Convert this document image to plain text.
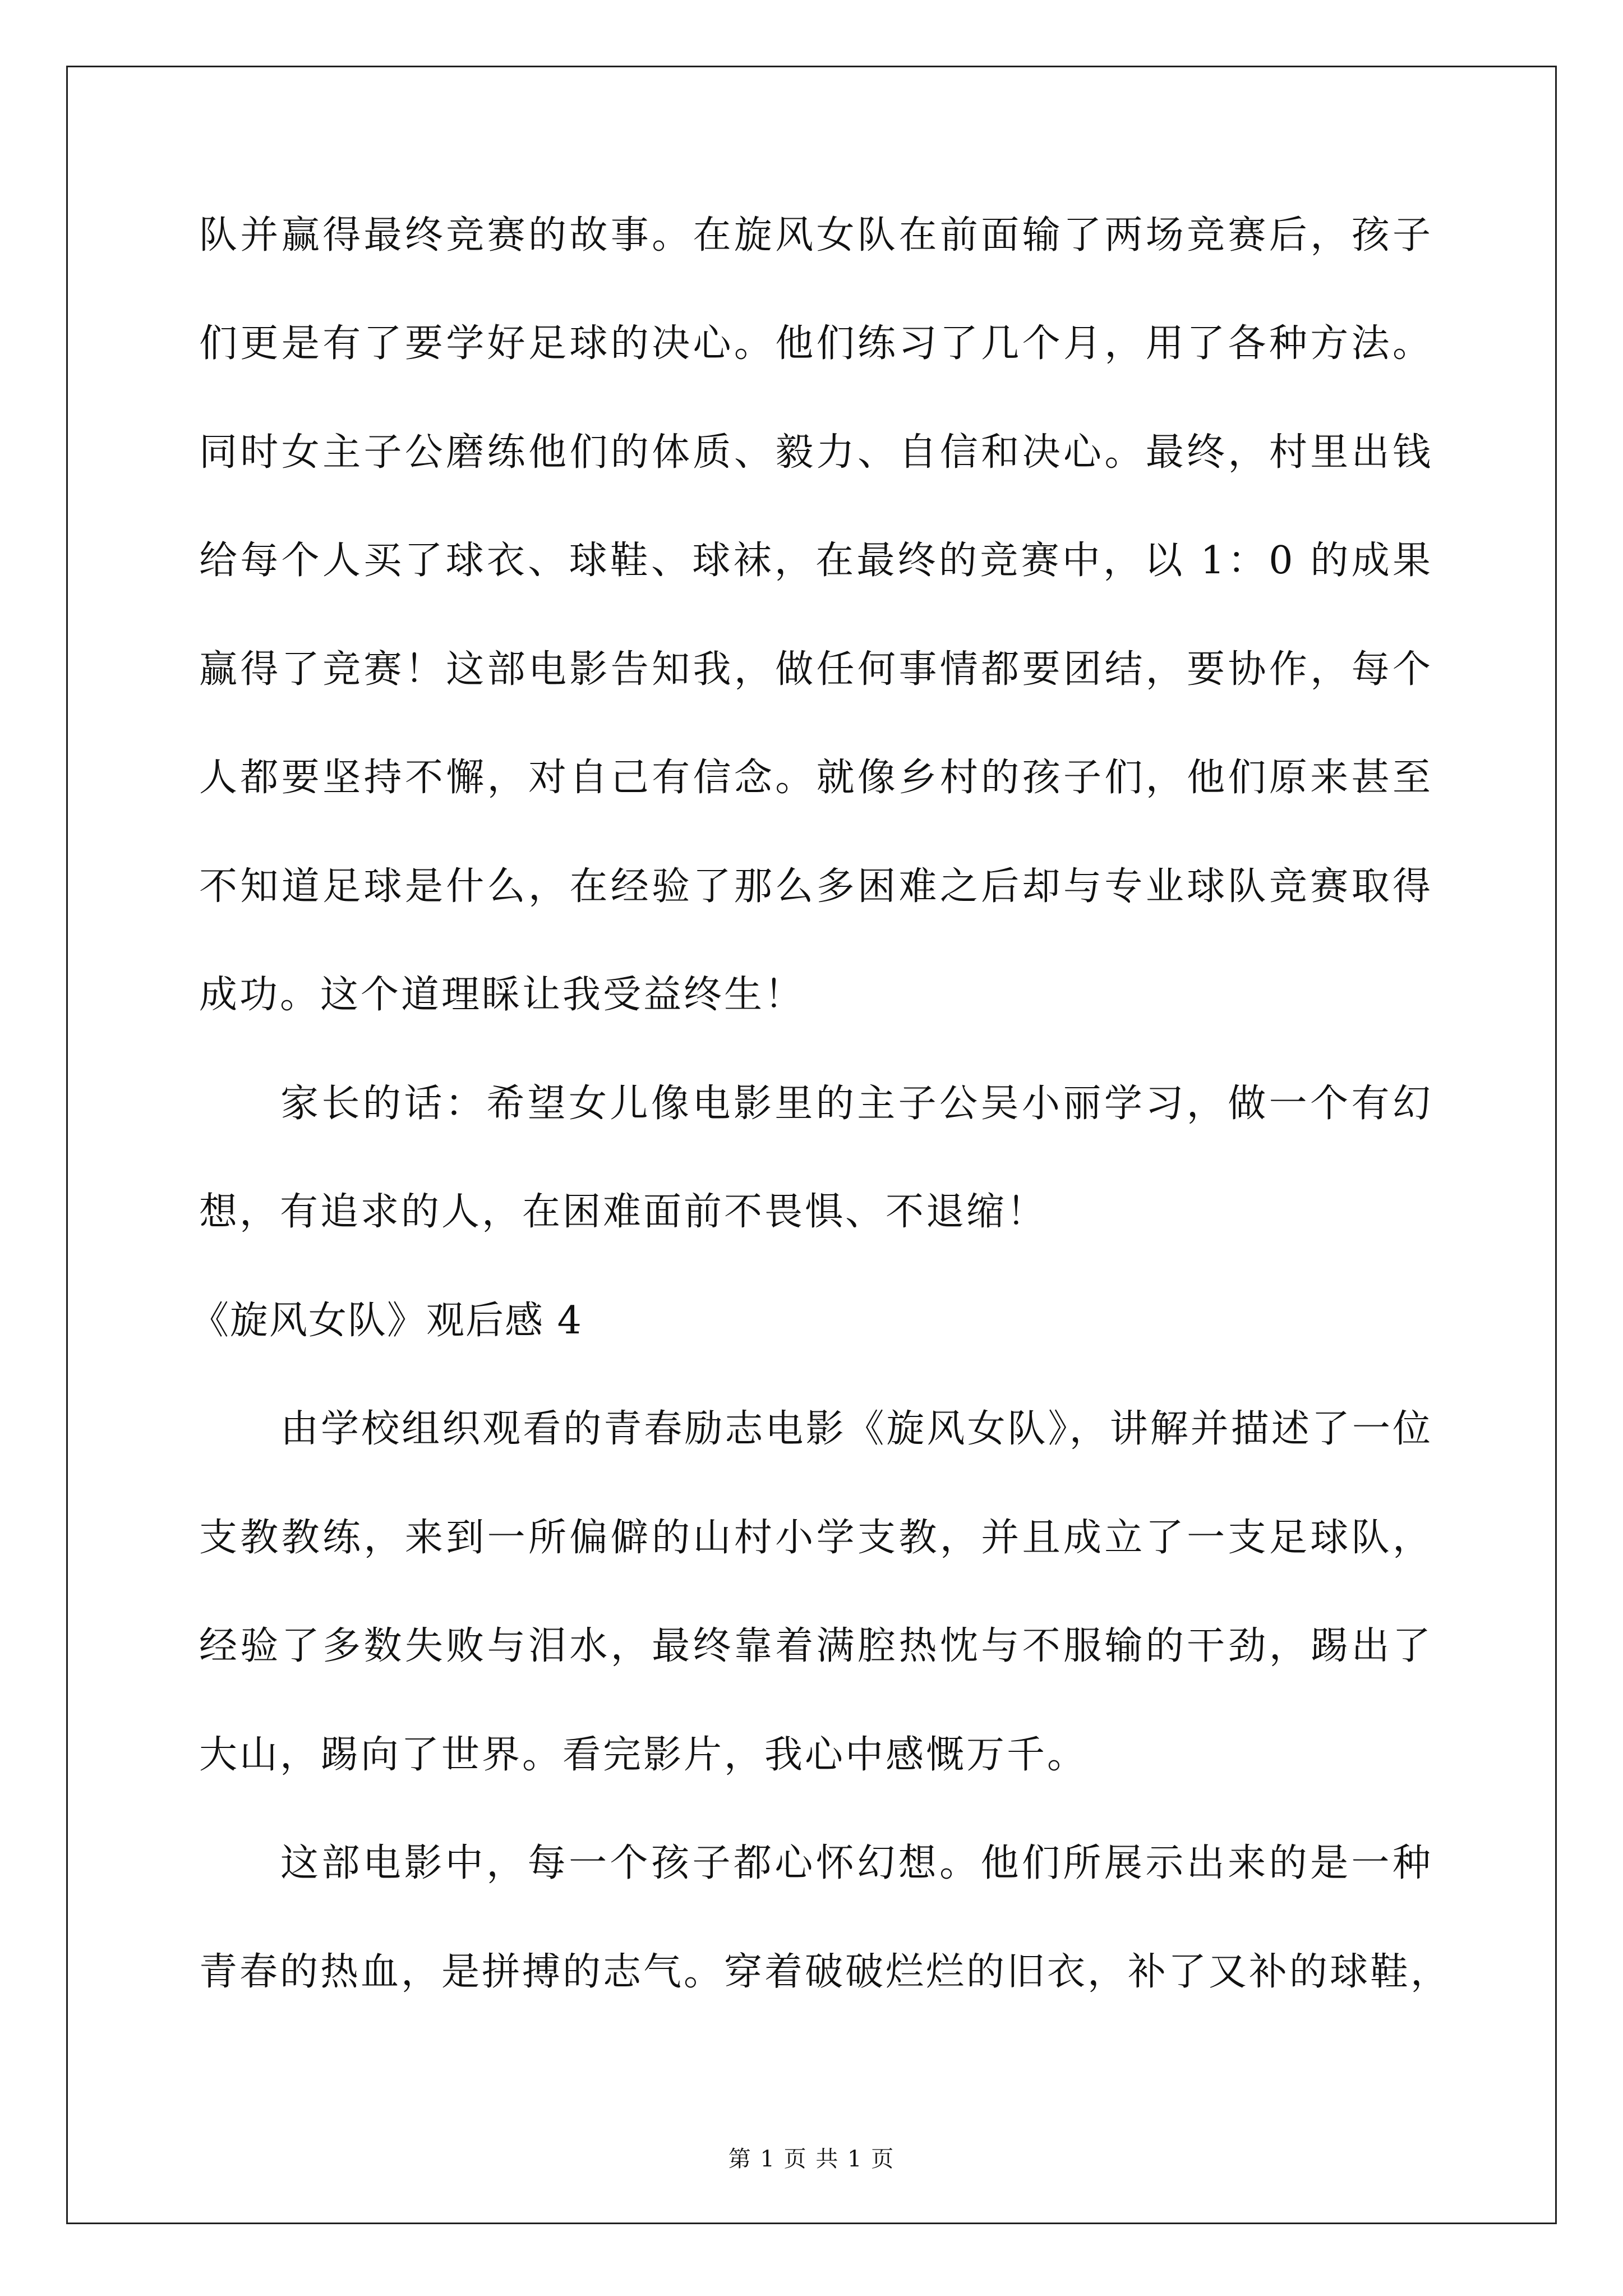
队并赢得最终竞赛的故事。在旋风女队在前面输了两场竞赛后，孩子
们更是有了要学好足球的决心。他们练习了几个月，用了各种方法。
同时女主子公磨练他们的体质、毅力、自信和决心。最终，村里出钱
给每个人买了球衣、球鞋、球袜，在最终的竞赛中，以 1：0 的成果
赢得了竞赛！这部电影告知我，做任何事情都要团结，要协作，每个
人都要坚持不懈，对自己有信念。就像乡村的孩子们，他们原来甚至
不知道足球是什么，在经验了那么多困难之后却与专业球队竞赛取得
成功。这个道理睬让我受益终生！
家长的话：希望女儿像电影里的主子公吴小丽学习，做一个有幻
想，有追求的人，在困难面前不畏惧、不退缩！
《旋风女队》观后感 4
由学校组织观看的青春励志电影《旋风女队》，讲解并描述了一位
支教教练，来到一所偏僻的山村小学支教，并且成立了一支足球队，
经验了多数失败与泪水，最终靠着满腔热忱与不服输的干劲，踢出了
大山，踢向了世界。看完影片，我心中感慨万千。
这部电影中，每一个孩子都心怀幻想。他们所展示出来的是一种
青春的热血，是拼搏的志气。穿着破破烂烂的旧衣，补了又补的球鞋，
第 1 页 共 1 页
